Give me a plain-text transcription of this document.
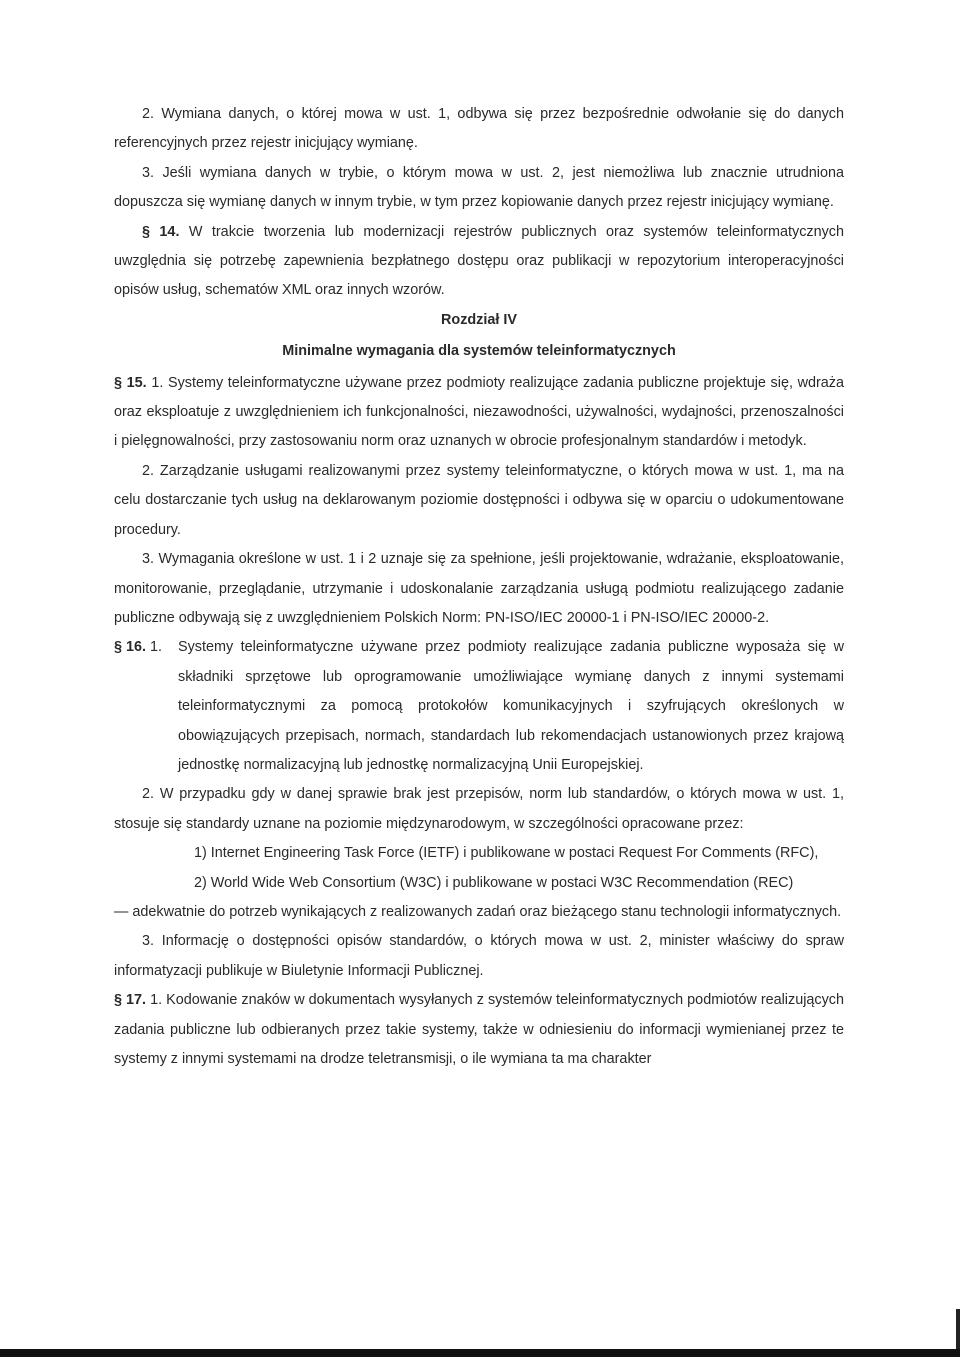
2. Wymiana danych, o której mowa w ust. 1, odbywa się przez bezpośrednie odwołanie się do danych referencyjnych przez rejestr inicjujący wymianę.

3. Jeśli wymiana danych w trybie, o którym mowa w ust. 2, jest niemożliwa lub znacznie utrudniona dopuszcza się wymianę danych w innym trybie, w tym przez kopiowanie danych przez rejestr inicjujący wymianę.

§ 14. W trakcie tworzenia lub modernizacji rejestrów publicznych oraz systemów teleinformatycznych uwzględnia się potrzebę zapewnienia bezpłatnego dostępu oraz publikacji w repozytorium interoperacyjności opisów usług, schematów XML oraz innych wzorów.

Rozdział IV

Minimalne wymagania dla systemów teleinformatycznych

§ 15. 1. Systemy teleinformatyczne używane przez podmioty realizujące zadania publiczne projektuje się, wdraża oraz eksploatuje z uwzględnieniem ich funkcjonalności, niezawodności, używalności, wydajności, przenoszalności i pielęgnowalności, przy zastosowaniu norm oraz uznanych w obrocie profesjonalnym standardów i metodyk.

2. Zarządzanie usługami realizowanymi przez systemy teleinformatyczne, o których mowa w ust. 1, ma na celu dostarczanie tych usług na deklarowanym poziomie dostępności i odbywa się w oparciu o udokumentowane procedury.

3. Wymagania określone w ust. 1 i 2 uznaje się za spełnione, jeśli projektowanie, wdrażanie, eksploatowanie, monitorowanie, przeglądanie, utrzymanie i udoskonalanie zarządzania usługą podmiotu realizującego zadanie publiczne odbywają się z uwzględnieniem Polskich Norm: PN-ISO/IEC 20000-1 i PN-ISO/IEC 20000-2.

§ 16. 1.	Systemy teleinformatyczne używane przez podmioty realizujące zadania publiczne wyposaża się w składniki sprzętowe lub oprogramowanie umożliwiające wymianę danych z innymi systemami teleinformatycznymi za pomocą protokołów komunikacyjnych i szyfrujących określonych w obowiązujących przepisach, normach, standardach lub rekomendacjach ustanowionych przez krajową jednostkę normalizacyjną lub jednostkę normalizacyjną Unii Europejskiej.

2. W przypadku gdy w danej sprawie brak jest przepisów, norm lub standardów, o których mowa w ust. 1, stosuje się standardy uznane na poziomie międzynarodowym, w szczególności opracowane przez:

1) Internet Engineering Task Force (IETF) i publikowane w postaci Request For Comments (RFC),

2) World Wide Web Consortium (W3C) i publikowane w postaci W3C Recommendation (REC)

— adekwatnie do potrzeb wynikających z realizowanych zadań oraz bieżącego stanu technologii informatycznych.

3. Informację o dostępności opisów standardów, o których mowa w ust. 2, minister właściwy do spraw informatyzacji publikuje w Biuletynie Informacji Publicznej.

§ 17. 1. Kodowanie znaków w dokumentach wysyłanych z systemów teleinformatycznych podmiotów realizujących zadania publiczne lub odbieranych przez takie systemy, także w odniesieniu do informacji wymienianej przez te systemy z innymi systemami na drodze teletransmisji, o ile wymiana ta ma charakter
